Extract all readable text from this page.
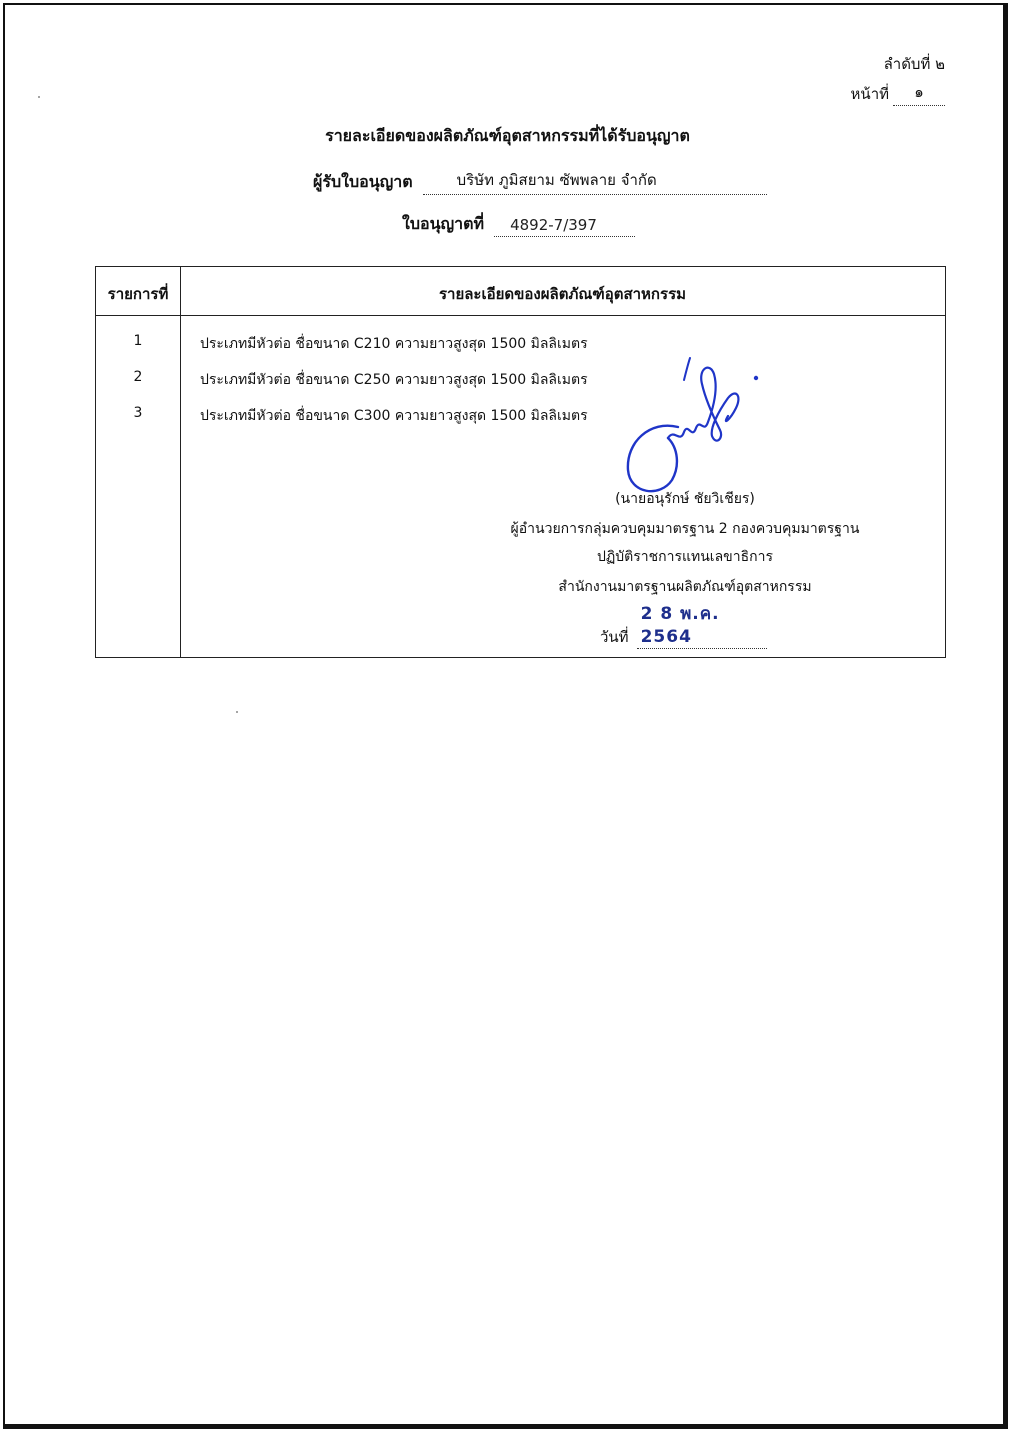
ลำดับที่ ๒
หน้าที่	๑
รายละเอียดของผลิตภัณฑ์อุตสาหกรรมที่ได้รับอนุญาต
ผู้รับใบอนุญาต	บริษัท ภูมิสยาม ซัพพลาย จำกัด
ใบอนุญาตที่	4892-7/397
รายการที่	รายละเอียดของผลิตภัณฑ์อุตสาหกรรม
1	ประเภทมีหัวต่อ ชื่อขนาด C210 ความยาวสูงสุด 1500 มิลลิเมตร
2	ประเภทมีหัวต่อ ชื่อขนาด C250 ความยาวสูงสุด 1500 มิลลิเมตร
3	ประเภทมีหัวต่อ ชื่อขนาด C300 ความยาวสูงสุด 1500 มิลลิเมตร
(นายอนุรักษ์ ชัยวิเชียร)
ผู้อำนวยการกลุ่มควบคุมมาตรฐาน 2 กองควบคุมมาตรฐาน
ปฏิบัติราชการแทนเลขาธิการ
สำนักงานมาตรฐานผลิตภัณฑ์อุตสาหกรรม
วันที่
2 8 พ.ค. 2564
